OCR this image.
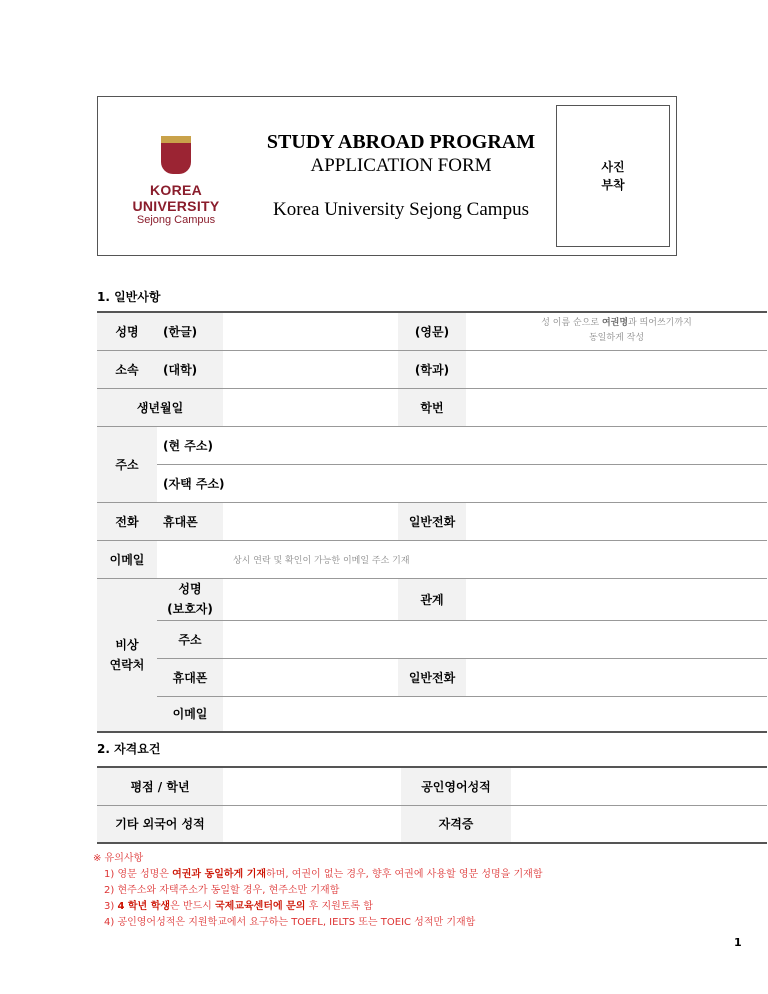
KOREA UNIVERSITY
Sejong Campus
STUDY ABROAD PROGRAM
APPLICATION FORM
Korea University Sejong Campus
사진
부착
1. 일반사항
성명	(한글)		(영문)	성 이름 순으로 여권명과 띄어쓰기까지
동일하게 작성
소속	(대학)		(학과)	
생년월일			학번	
주소	(현 주소)			
	(자택 주소)			
전화	휴대폰		일반전화	
이메일	상시 연락 및 확인이 가능한 이메일 주소 기재			
비상
연락처	성명
(보호자)		관계	
	주소			
	휴대폰		일반전화	
	이메일			
2. 자격요건
평점 / 학년		공인영어성적	
기타 외국어 성적		자격증	
※ 유의사항
1) 영문 성명은 여권과 동일하게 기재하며, 여권이 없는 경우, 향후 여권에 사용할 영문 성명을 기재함
2) 현주소와 자택주소가 동일할 경우, 현주소만 기재함
3) 4 학년 학생은 반드시 국제교육센터에 문의 후 지원토록 함
4) 공인영어성적은 지원학교에서 요구하는 TOEFL, IELTS 또는 TOEIC 성적만 기재함
1
